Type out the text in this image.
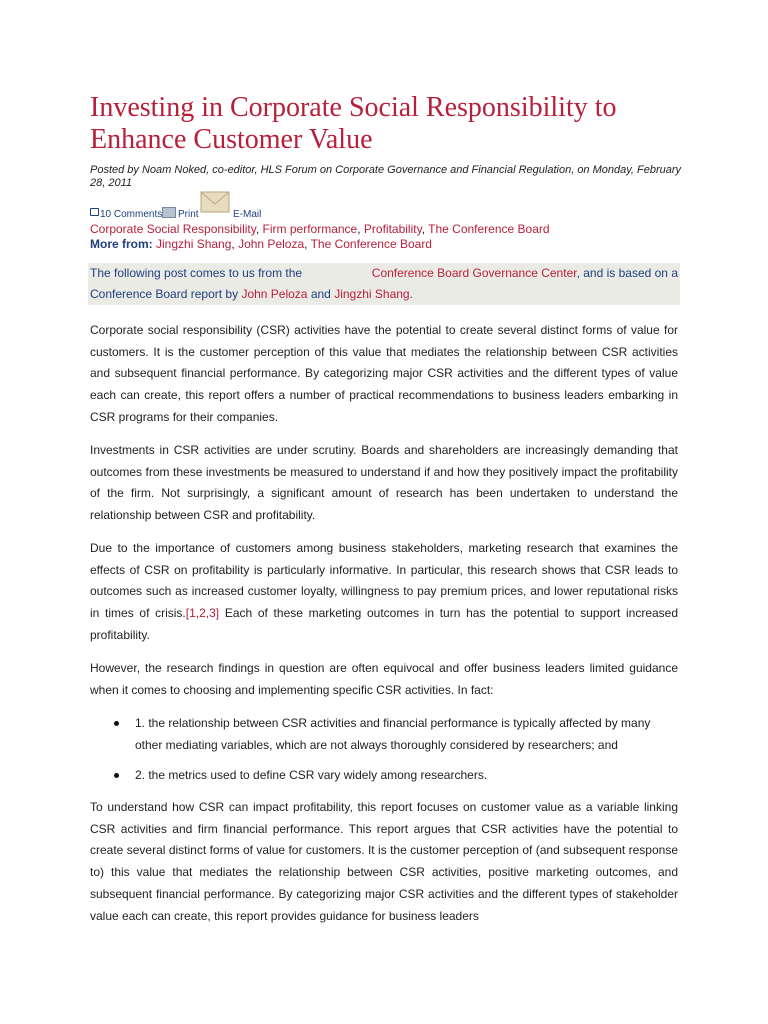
Investing in Corporate Social Responsibility to Enhance Customer Value
Posted by Noam Noked, co-editor, HLS Forum on Corporate Governance and Financial Regulation, on Monday, February 28, 2011
10 Comments Print	E-Mail
Corporate Social Responsibility, Firm performance, Profitability, The Conference Board
More from: Jingzhi Shang, John Peloza, The Conference Board
The following post comes to us from the	Conference Board Governance Center, and is based on a
Conference Board report by John Peloza and Jingzhi Shang.

Corporate social responsibility (CSR) activities have the potential to create several distinct forms of value for customers. It is the customer perception of this value that mediates the relationship between CSR activities and subsequent financial performance. By categorizing major CSR activities and the different types of value each can create, this report offers a number of practical recommendations to business leaders embarking in CSR programs for their companies.

Investments in CSR activities are under scrutiny. Boards and shareholders are increasingly demanding that outcomes from these investments be measured to understand if and how they positively impact the profitability of the firm. Not surprisingly, a significant amount of research has been undertaken to understand the relationship between CSR and profitability.

Due to the importance of customers among business stakeholders, marketing research that examines the effects of CSR on profitability is particularly informative. In particular, this research shows that CSR leads to outcomes such as increased customer loyalty, willingness to pay premium prices, and lower reputational risks in times of crisis.[1,2,3] Each of these marketing outcomes in turn has the potential to support increased profitability.

However, the research findings in question are often equivocal and offer business leaders limited guidance when it comes to choosing and implementing specific CSR activities. In fact:

1. the relationship between CSR activities and financial performance is typically affected by many other mediating variables, which are not always thoroughly considered by researchers; and

2. the metrics used to define CSR vary widely among researchers.

To understand how CSR can impact profitability, this report focuses on customer value as a variable linking CSR activities and firm financial performance. This report argues that CSR activities have the potential to create several distinct forms of value for customers. It is the customer perception of (and subsequent response to) this value that mediates the relationship between CSR activities, positive marketing outcomes, and subsequent financial performance. By categorizing major CSR activities and the different types of stakeholder value each can create, this report provides guidance for business leaders
